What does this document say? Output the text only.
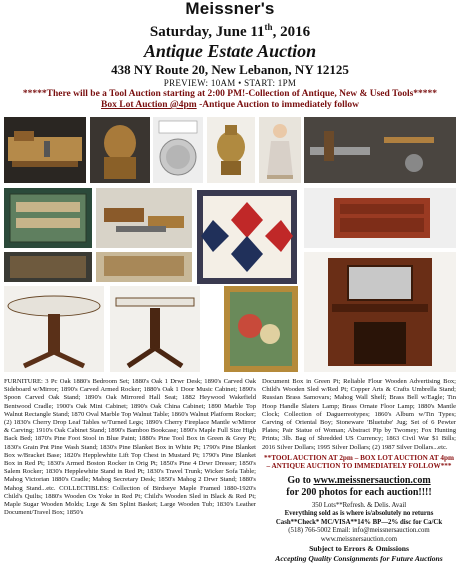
Meissner's
Saturday, June 11th, 2016
Antique Estate Auction
438 NY Route 20, New Lebanon, NY 12125
PREVIEW: 10AM • START: 1PM
*****There will be a Tool Auction starting at 2:00 PM!-Collection of Antique, New & Used Tools*****
Box Lot Auction @4pm -Antique Auction to immediately follow
FURNITURE: 3 Pc Oak 1880's Bedroom Set; 1880's Oak 1 Drwr Desk; 1890's Carved Oak Sideboard w/Mirror; 1890's Carved Armed Rocker; 1880's Oak 1 Door Music Cabinet; 1890's Spoon Carved Oak Stand; 1890's Oak Mirrored Hall Seat; 1882 Heywood Wakefield Bentwood Cradle; 1900's Oak Mini Cabinet; 1890's Oak China Cabinet; 1890 Marble Top Walnut Rectangle Stand; 1870 Oval Marble Top Walnut Table; 1860's Walnut Platform Rocker; (2) 1830's Cherry Drop Leaf Tables w/Turned Legs; 1890's Cherry Fireplace Mantle w/Mirror & Carving; 1910's Oak Cabinet Stand; 1890's Bamboo Bookcase; 1890's Maple Full Size High Back Bed; 1870's Pine Foot Stool in Blue Paint; 1880's Pine Tool Box in Green & Grey Pt; 1830's Grain Pnt Pine Wash Stand; 1830's Pine Blanket Box in White Pt; 1790's Pine Blanket Box w/Bracket Base; 1820's Hepplewhite Lift Top Chest in Mustard Pt; 1790's Pine Blanket Box in Red Pt; 1830's Armed Boston Rocker in Orig Pt; 1850's Pine 4 Drwr Dresser; 1850's Salem Rocker; 1830's Hepplewhite Stand in Red Pt; 1830's Travel Trunk; Wicker Sofa Table; Mahog Victorian 1880's Cradle; Mahog Secretary Desk; 1850's Mahog 2 Drwr Stand; 1880's Mahog Stand...etc. COLLECTIBLES: Collection of Birdseye Maple Framed 1880-1920's Child's Quilts; 1880's Wooden Ox Yoke in Red Pt; Child's Wooden Sled in Black & Red Pt; Maple Sugar Wooden Molds; Lrge & Sm Splint Basket; Large Wooden Tub; 1830's Leather Document/Travel Box; 1850's
Document Box in Green Pt; Reliable Flour Wooden Advertising Box; Child's Wooden Sled w/Red Pt; Copper Arts & Crafts Umbrella Stand; Russian Brass Samovars; Mahog Wall Shelf; Brass Bell w/Eagle; Tin Hoop Handle Slaters Lamp; Brass Ornate Floor Lamp; 1880's Mantle Clock; Collection of Daguerreotypes; 1860's Album w/Tin Types; Carving of Oriental Boy; Stoneware 'Bluetube' Jug; Set of 6 Pewter Plates; Pair Statue of Woman; Abstract Pip by Twomey; Fox Hunting Prints; 3lb. Bag of Shredded US Currency; 1863 Civil War $1 Bills; 2016 Silver Dollars; 1995 Silver Dollars; (2) 1987 Silver Dollars...etc.
**TOOL AUCTION AT 2pm – BOX LOT AUCTION AT 4pm – ANTIQUE AUCTION TO IMMEDIATELY FOLLOW***
Go to www.meissnersauction.com
for 200 photos for each auction!!!!
350 Lots**Refresh. & Delis. Avail
Everything sold as is where is/absolutely no returns
Cash**Check* MC/VISA**14% BP—2% disc for Ca/Ck
(518) 766-5002 Email: info@meissnersauction.com
www.meissnersauction.com
Subject to Errors & Omissions
Accepting Quality Consignments for Future Auctions
